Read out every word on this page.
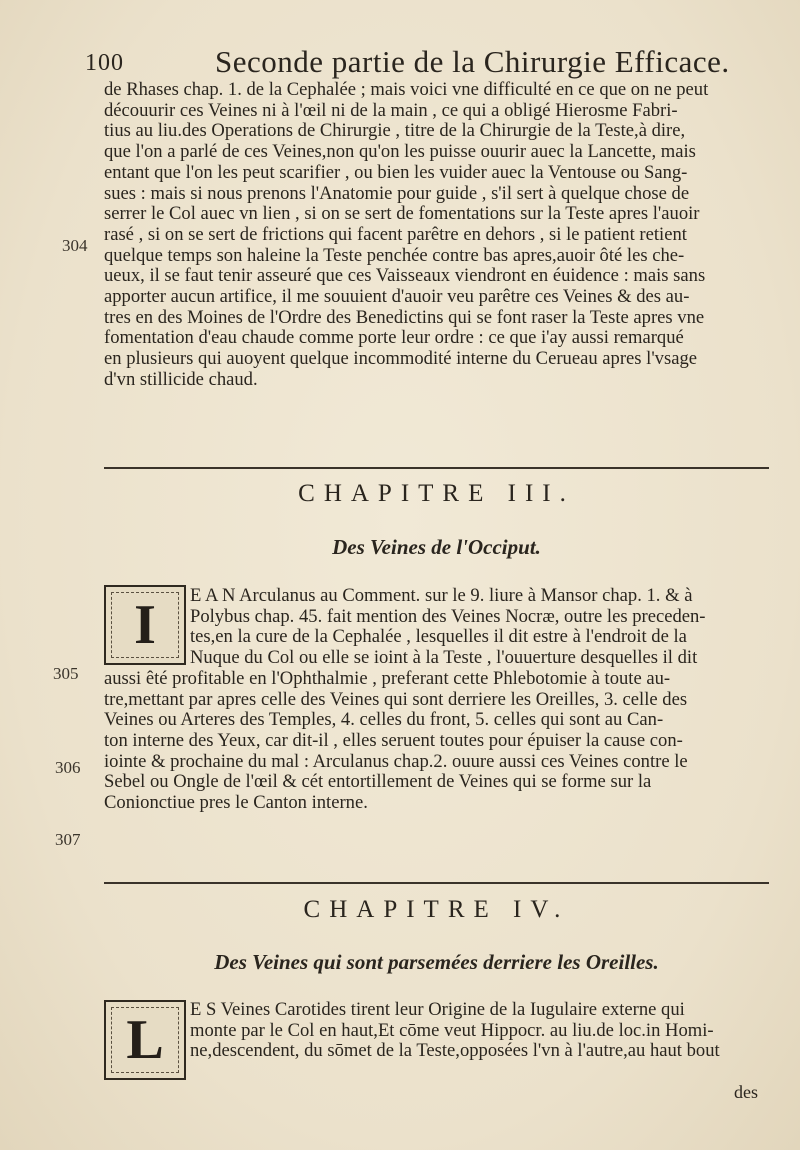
100	Seconde partie de la Chirurgie Efficace.
de Rhases chap. 1. de la Cephalée ; mais voici vne difficulté en ce que on ne peut
découurir ces Veines ni à l'œil ni de la main , ce qui a obligé Hierosme Fabri-
tius au liu.des Operations de Chirurgie , titre de la Chirurgie de la Teste,à dire,
que l'on a parlé de ces Veines,non qu'on les puisse ouurir auec la Lancette, mais
entant que l'on les peut scarifier , ou bien les vuider auec la Ventouse ou Sang-
sues : mais si nous prenons l'Anatomie pour guide , s'il sert à quelque chose de
serrer le Col auec vn lien , si on se sert de fomentations sur la Teste apres l'auoir
rasé , si on se sert de frictions qui facent parêtre en dehors , si le patient retient
quelque temps son haleine la Teste penchée contre bas apres,auoir ôté les che-
ueux, il se faut tenir asseuré que ces Vaisseaux viendront en éuidence : mais sans
apporter aucun artifice, il me souuient d'auoir veu parêtre ces Veines & des au-
tres en des Moines de l'Ordre des Benedictins qui se font raser la Teste apres vne
fomentation d'eau chaude comme porte leur ordre : ce que i'ay aussi remarqué
en plusieurs qui auoyent quelque incommodité interne du Cerueau apres l'vsage
d'vn stillicide chaud.
304
CHAPITRE III.
Des Veines de l'Occiput.
I	E A N Arculanus au Comment. sur le 9. liure à Mansor chap. 1. & à
Polybus chap. 45. fait mention des Veines Nocræ, outre les preceden-
tes,en la cure de la Cephalée , lesquelles il dit estre à l'endroit de la
Nuque du Col ou elle se ioint à la Teste , l'ouuerture desquelles il dit
aussi êté profitable en l'Ophthalmie , preferant cette Phlebotomie à toute au-
tre,mettant par apres celle des Veines qui sont derriere les Oreilles, 3. celle des
Veines ou Arteres des Temples, 4. celles du front, 5. celles qui sont au Can-
ton interne des Yeux, car dit-il , elles seruent toutes pour épuiser la cause con-
iointe & prochaine du mal : Arculanus chap.2. ouure aussi ces Veines contre le
Sebel ou Ongle de l'œil & cét entortillement de Veines qui se forme sur la
Conionctiue pres le Canton interne.
305
306
307
CHAPITRE IV.
Des Veines qui sont parsemées derriere les Oreilles.
L	E S Veines Carotides tirent leur Origine de la Iugulaire externe qui
monte par le Col en haut,Et cōme veut Hippocr. au liu.de loc.in Homi-
ne,descendent, du sōmet de la Teste,opposées l'vn à l'autre,au haut bout
des
